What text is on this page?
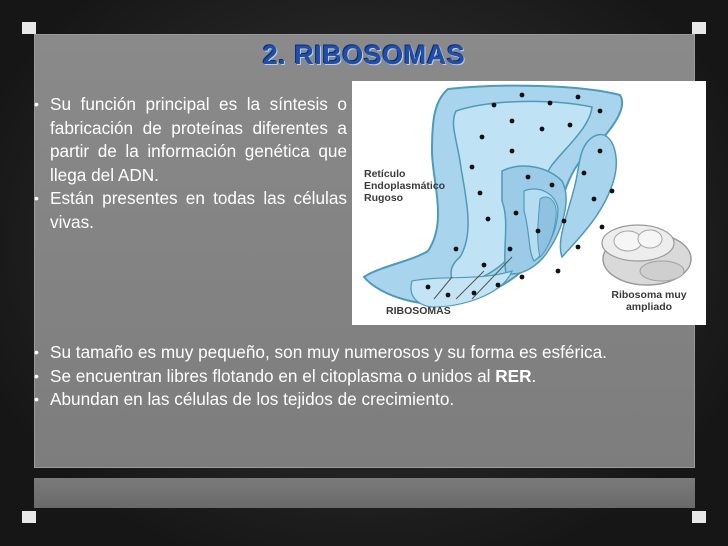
2. RIBOSOMAS
• Su función principal es la síntesis o fabricación de proteínas diferentes a partir de la información genética que llega del ADN.
• Están presentes en todas las células vivas.
Retículo
Endoplasmático
Rugoso
RIBOSOMAS
Ribosoma muy
ampliado
• Su tamaño es muy pequeño, son muy numerosos y su forma es esférica.
• Se encuentran libres flotando en el citoplasma o unidos al RER.
• Abundan en las células de los tejidos de crecimiento.
